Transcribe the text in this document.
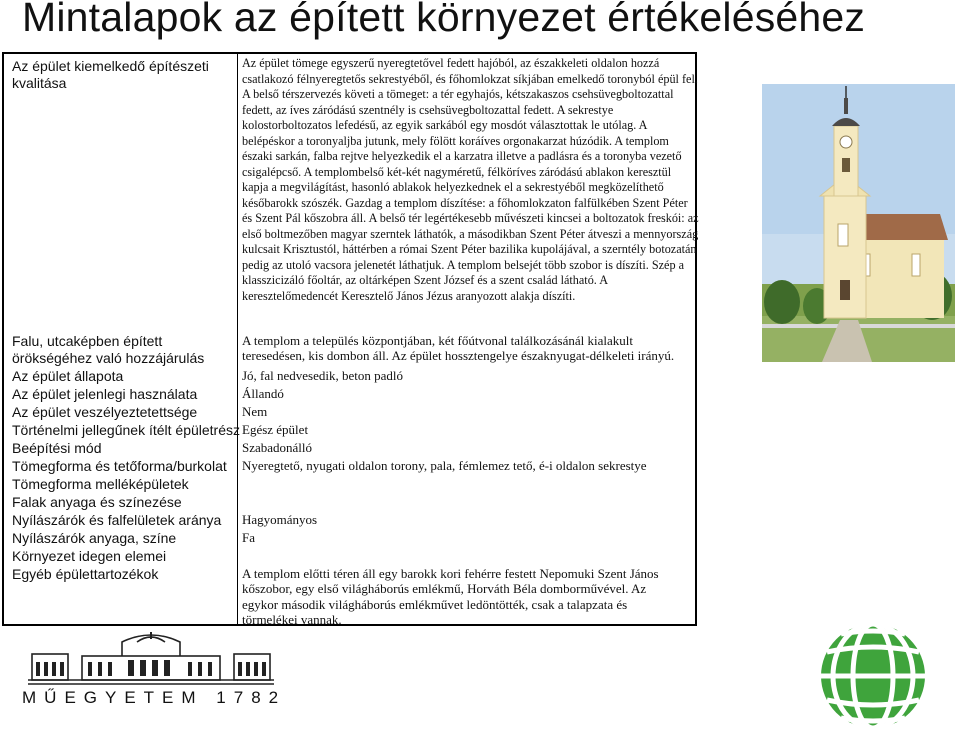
Mintalapok az épített környezet értékeléséhez
Az épület kiemelkedő építészeti kvalitása
Falu, utcaképben épített örökségéhez való hozzájárulás
Az épület állapota
Az épület jelenlegi használata
Az épület veszélyeztetettsége
Történelmi jellegűnek ítélt épületrész
Beépítési mód
Tömegforma és tetőforma/burkolat
Tömegforma melléképületek
Falak anyaga és színezése
Nyílászárók és falfelületek aránya
Nyílászárók anyaga, színe
Környezet idegen elemei
Egyéb épülettartozékok
Az épület tömege egyszerű nyeregtetővel fedett hajóból, az északkeleti oldalon hozzá csatlakozó félnyeregtetős sekrestyéből, és főhomlokzat síkjában emelkedő toronyból épül fel. A belső térszervezés követi a tömeget: a tér egyhajós, kétszakaszos csehsüvegboltozattal fedett, az íves záródású szentnély is csehsüvegboltozattal fedett. A sekrestye kolostorboltozatos lefedésű, az egyik sarkából egy mosdót választottak le utólag. A belépéskor a toronyaljba jutunk, mely fölött koráíves orgonakarzat húzódik. A templom északi sarkán, falba rejtve helyezkedik el a karzatra illetve a padlásra és a toronyba vezető csigalépcső. A templombelső két-két nagyméretű, félköríves záródású ablakon keresztül kapja a megvilágítást, hasonló ablakok helyezkednek el a sekrestyéből megközelíthető későbarokk szószék. Gazdag a templom díszítése: a főhomlokzaton falfülkében Szent Péter és Szent Pál kőszobra áll. A belső tér legértékesebb művészeti kincsei a boltozatok freskói: az első boltmezőben magyar szerntek láthatók, a másodikban Szent Péter átveszi a mennyország kulcsait Krisztustól, háttérben a római Szent Péter bazilika kupolájával, a szerntély botozatán pedig az utoló vacsora jelenetét láthatjuk. A templom belsejét több szobor is díszíti. Szép a klasszicizáló főoltár, az oltárképen Szent József és a szent család látható. A keresztelőmedencét Keresztelő János Jézus aranyozott alakja díszíti.
A templom a település központjában, két főútvonal találkozásánál kialakult teresedésen, kis dombon áll. Az épület hossztengelye északnyugat-délkeleti irányú.
Jó, fal nedvesedik, beton padló
Állandó
Nem
Egész épület
Szabadonálló
Nyeregtető, nyugati oldalon torony, pala, fémlemez tető, é-i oldalon sekrestye
Hagyományos
Fa
A templom előtti téren áll egy barokk kori fehérre festett Nepomuki Szent János kőszobor, egy első világháborús emlékmű, Horváth Béla domborművével. Az egykor második világháborús emlékművet ledöntötték, csak a talapzata és törmelékei vannak.
MŰEGYETEM 1782
